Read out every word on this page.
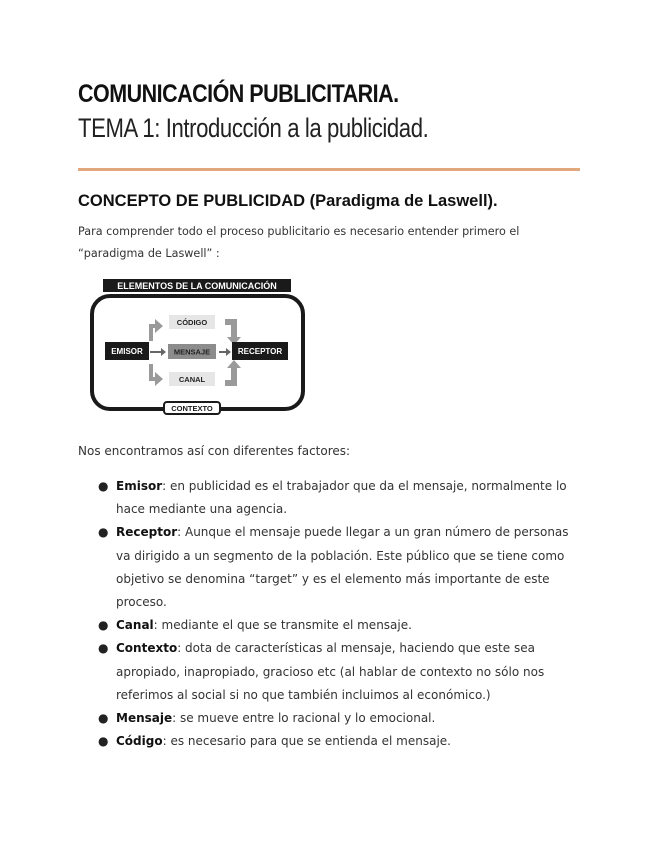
COMUNICACIÓN PUBLICITARIA.
TEMA 1: Introducción a la publicidad.
CONCEPTO DE PUBLICIDAD (Paradigma de Laswell).
Para comprender todo el proceso publicitario es necesario entender primero el “paradigma de Laswell” :
ELEMENTOS DE LA COMUNICACIÓN
CÓDIGO
MENSAJE
CANAL
EMISOR	RECEPTOR
CONTEXTO
Nos encontramos así con diferentes factores:
● Emisor: en publicidad es el trabajador que da el mensaje, normalmente lo hace mediante una agencia.
● Receptor: Aunque el mensaje puede llegar a un gran número de personas va dirigido a un segmento de la población. Este público que se tiene como objetivo se denomina “target” y es el elemento más importante de este proceso.
● Canal: mediante el que se transmite el mensaje.
● Contexto: dota de características al mensaje, haciendo que este sea apropiado, inapropiado, gracioso etc (al hablar de contexto no sólo nos referimos al social si no que también incluimos al económico.)
● Mensaje: se mueve entre lo racional y lo emocional.
● Código: es necesario para que se entienda el mensaje.
